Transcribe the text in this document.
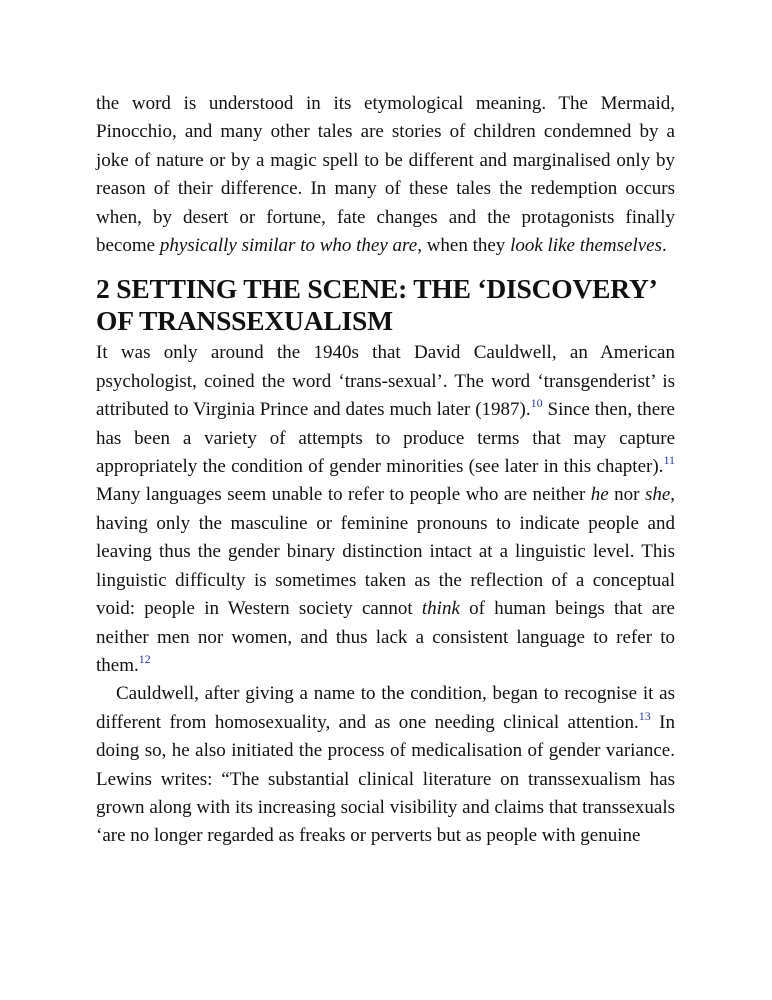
the word is understood in its etymological meaning. The Mermaid, Pinocchio, and many other tales are stories of children condemned by a joke of nature or by a magic spell to be different and marginalised only by reason of their difference. In many of these tales the redemption occurs when, by desert or fortune, fate changes and the protagonists finally become physically similar to who they are, when they look like themselves.

2 SETTING THE SCENE: THE ‘DISCOVERY’ OF TRANSSEXUALISM

It was only around the 1940s that David Cauldwell, an American psychologist, coined the word ‘trans-sexual’. The word ‘transgenderist’ is attributed to Virginia Prince and dates much later (1987).$^{10}$ Since then, there has been a variety of attempts to produce terms that may capture appropriately the condition of gender minorities (see later in this chapter).$^{11}$ Many languages seem unable to refer to people who are neither he nor she, having only the masculine or feminine pronouns to indicate people and leaving thus the gender binary distinction intact at a linguistic level. This linguistic difficulty is sometimes taken as the reflection of a conceptual void: people in Western society cannot think of human beings that are neither men nor women, and thus lack a consistent language to refer to them.$^{12}$

Cauldwell, after giving a name to the condition, began to recognise it as different from homosexuality, and as one needing clinical attention.$^{13}$ In doing so, he also initiated the process of medicalisation of gender variance. Lewins writes: “The substantial clinical literature on transsexualism has grown along with its increasing social visibility and claims that transsexuals ‘are no longer regarded as freaks or perverts but as people with genuine
